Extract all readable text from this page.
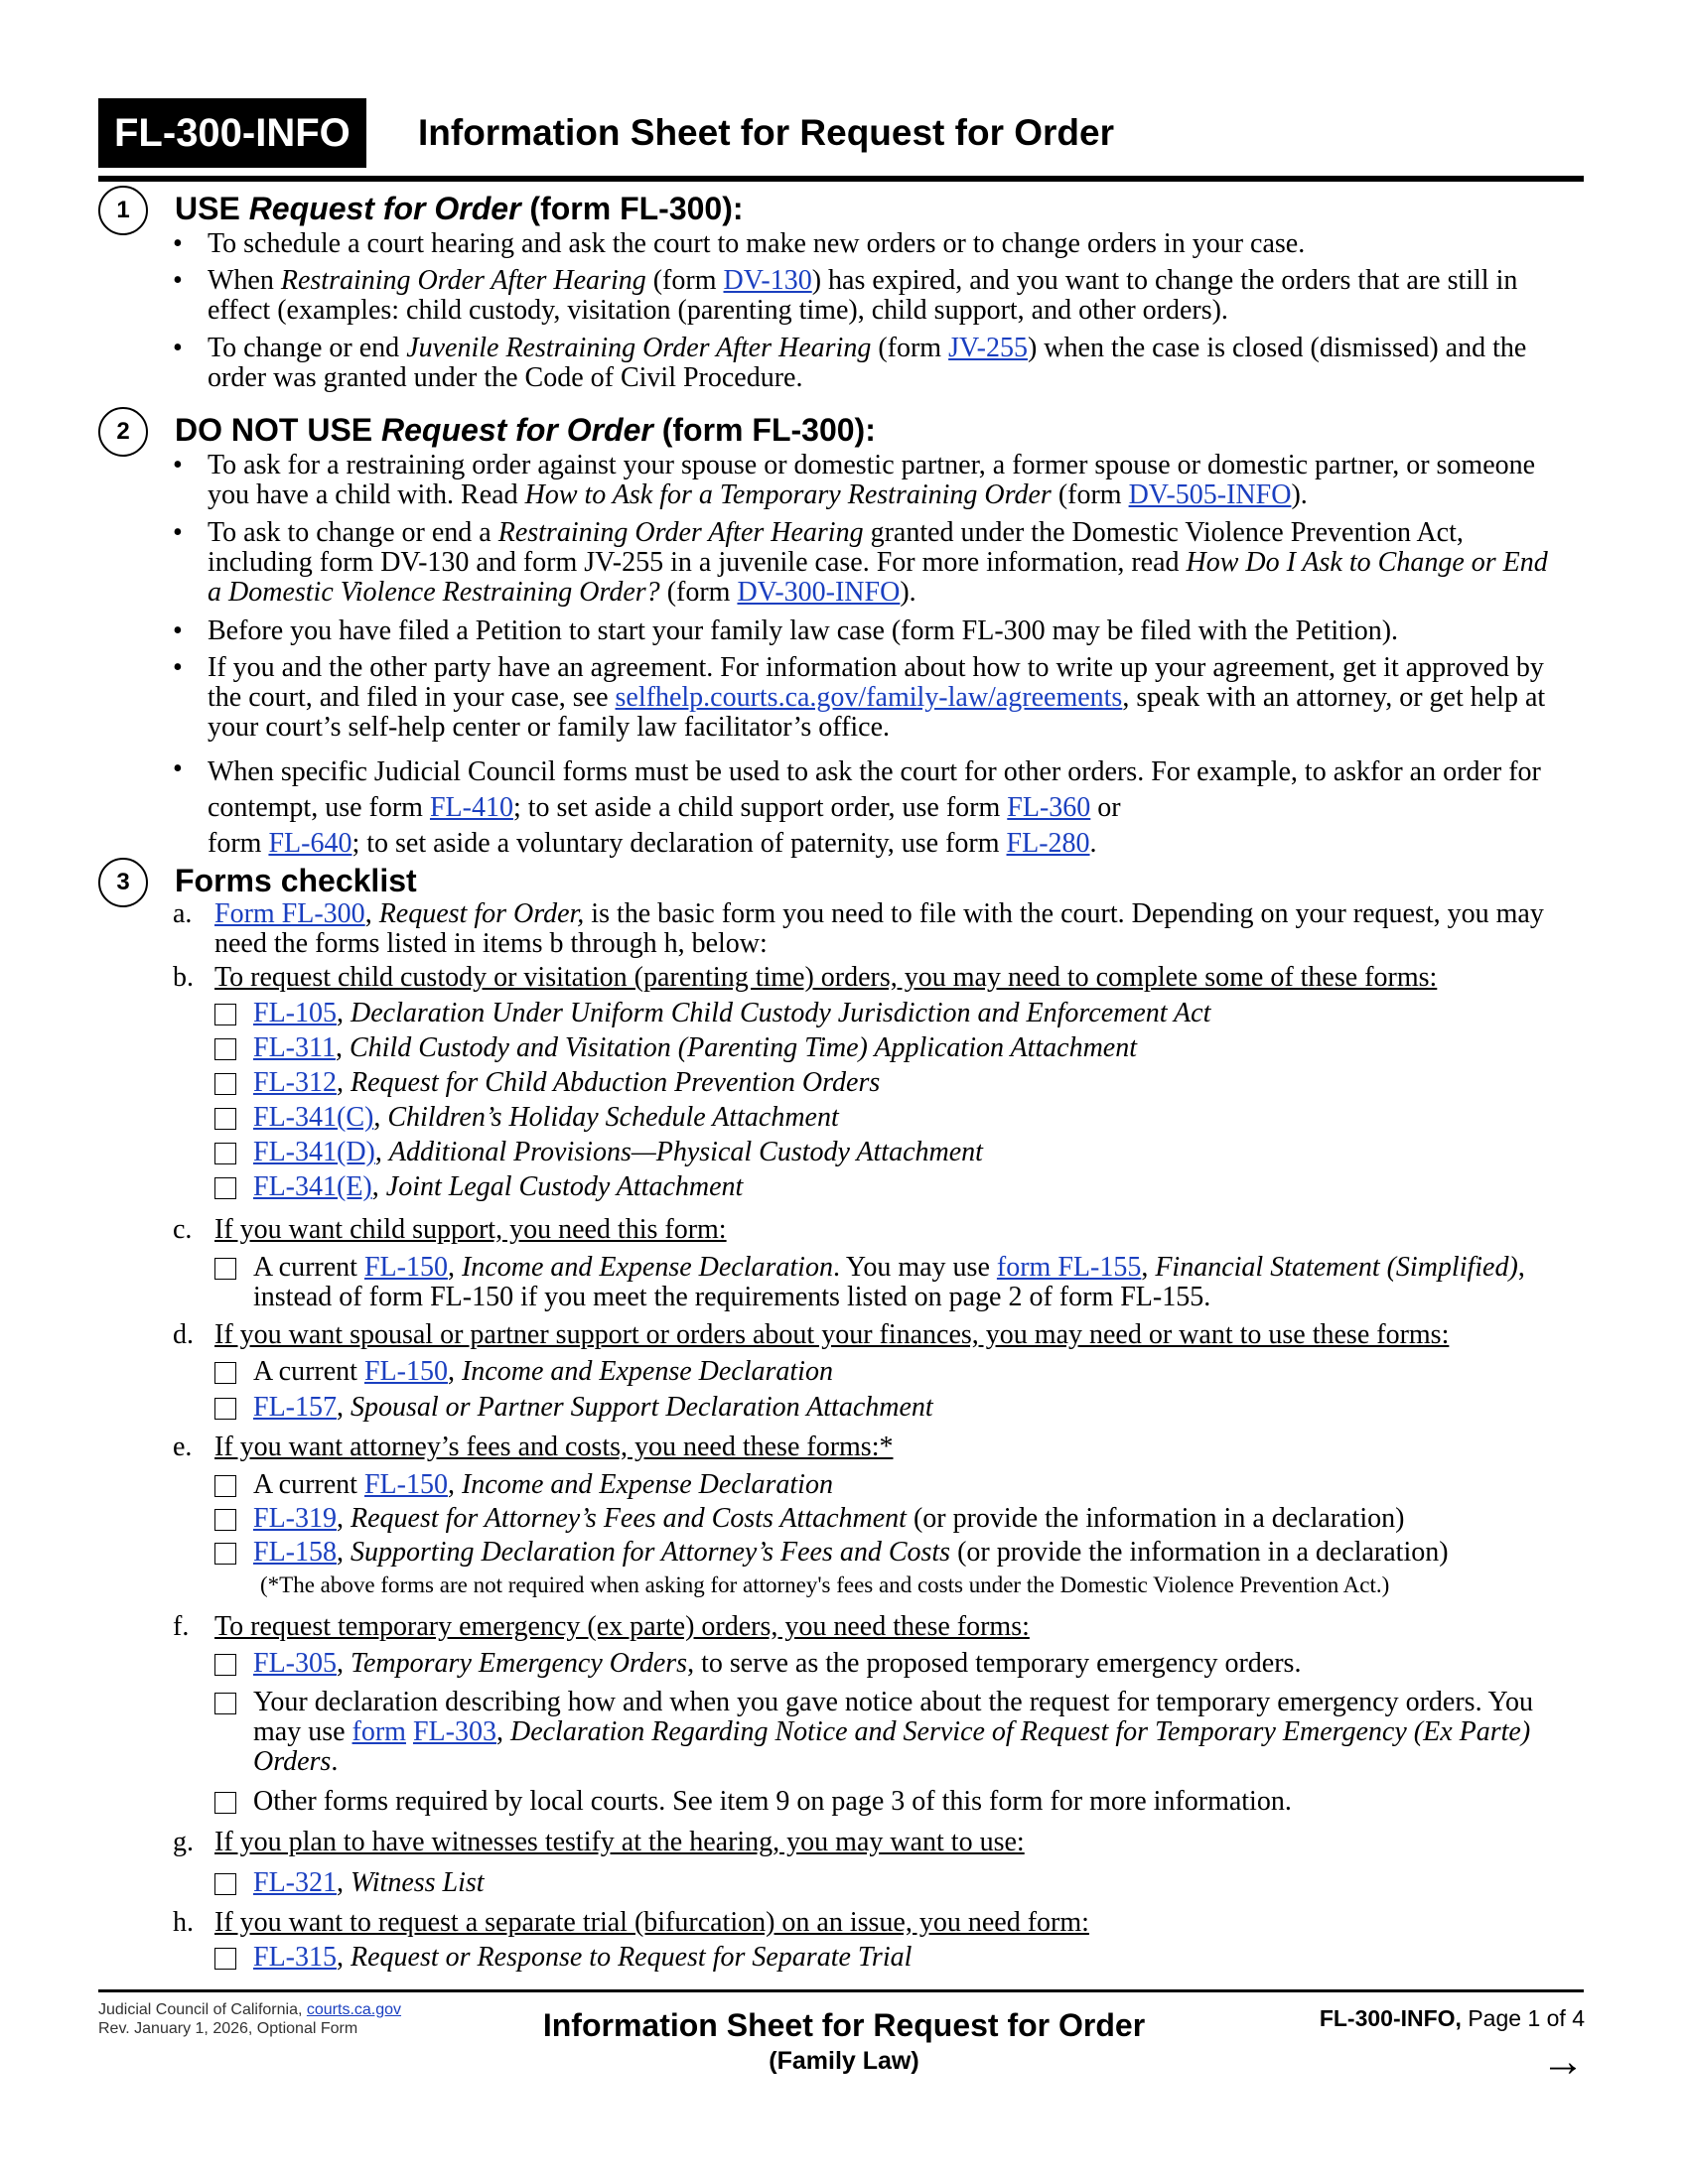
FL-300-INFO	Information Sheet for Request for Order
1	USE Request for Order (form FL-300):
• To schedule a court hearing and ask the court to make new orders or to change orders in your case.
• When Restraining Order After Hearing (form DV-130) has expired, and you want to change the orders that are still in effect (examples: child custody, visitation (parenting time), child support, and other orders).
• To change or end Juvenile Restraining Order After Hearing (form JV-255) when the case is closed (dismissed) and the order was granted under the Code of Civil Procedure.
2	DO NOT USE Request for Order (form FL-300):
• To ask for a restraining order against your spouse or domestic partner, a former spouse or domestic partner, or someone you have a child with. Read How to Ask for a Temporary Restraining Order (form DV-505-INFO).
• To ask to change or end a Restraining Order After Hearing granted under the Domestic Violence Prevention Act, including form DV-130 and form JV-255 in a juvenile case. For more information, read How Do I Ask to Change or End a Domestic Violence Restraining Order? (form DV-300-INFO).
• Before you have filed a Petition to start your family law case (form FL-300 may be filed with the Petition).
• If you and the other party have an agreement. For information about how to write up your agreement, get it approved by the court, and filed in your case, see selfhelp.courts.ca.gov/family-law/agreements, speak with an attorney, or get help at your court’s self-help center or family law facilitator’s office.
• When specific Judicial Council forms must be used to ask the court for other orders. For example, to askfor an order for contempt, use form FL-410; to set aside a child support order, use form FL-360 or
form FL-640; to set aside a voluntary declaration of paternity, use form FL-280.
3	Forms checklist
a. Form FL-300, Request for Order, is the basic form you need to file with the court. Depending on your request, you may need the forms listed in items b through h, below:
b. To request child custody or visitation (parenting time) orders, you may need to complete some of these forms:
FL-105, Declaration Under Uniform Child Custody Jurisdiction and Enforcement Act
FL-311, Child Custody and Visitation (Parenting Time) Application Attachment
FL-312, Request for Child Abduction Prevention Orders
FL-341(C), Children’s Holiday Schedule Attachment
FL-341(D), Additional Provisions—Physical Custody Attachment
FL-341(E), Joint Legal Custody Attachment
c. If you want child support, you need this form:
A current FL-150, Income and Expense Declaration. You may use form FL-155, Financial Statement (Simplified), instead of form FL-150 if you meet the requirements listed on page 2 of form FL-155.
d. If you want spousal or partner support or orders about your finances, you may need or want to use these forms:
A current FL-150, Income and Expense Declaration
FL-157, Spousal or Partner Support Declaration Attachment
e. If you want attorney’s fees and costs, you need these forms:*
A current FL-150, Income and Expense Declaration
FL-319, Request for Attorney’s Fees and Costs Attachment (or provide the information in a declaration)
FL-158, Supporting Declaration for Attorney’s Fees and Costs (or provide the information in a declaration)
(*The above forms are not required when asking for attorney's fees and costs under the Domestic Violence Prevention Act.)
f. To request temporary emergency (ex parte) orders, you need these forms:
FL-305, Temporary Emergency Orders, to serve as the proposed temporary emergency orders.
Your declaration describing how and when you gave notice about the request for temporary emergency orders. You may use form FL-303, Declaration Regarding Notice and Service of Request for Temporary Emergency (Ex Parte) Orders.
Other forms required by local courts. See item 9 on page 3 of this form for more information.
g. If you plan to have witnesses testify at the hearing, you may want to use:
FL-321, Witness List
h. If you want to request a separate trial (bifurcation) on an issue, you need form:
FL-315, Request or Response to Request for Separate Trial
Judicial Council of California, courts.ca.gov
Rev. January 1, 2026, Optional Form	Information Sheet for Request for Order
(Family Law)
FL-300-INFO, Page 1 of 4
→
